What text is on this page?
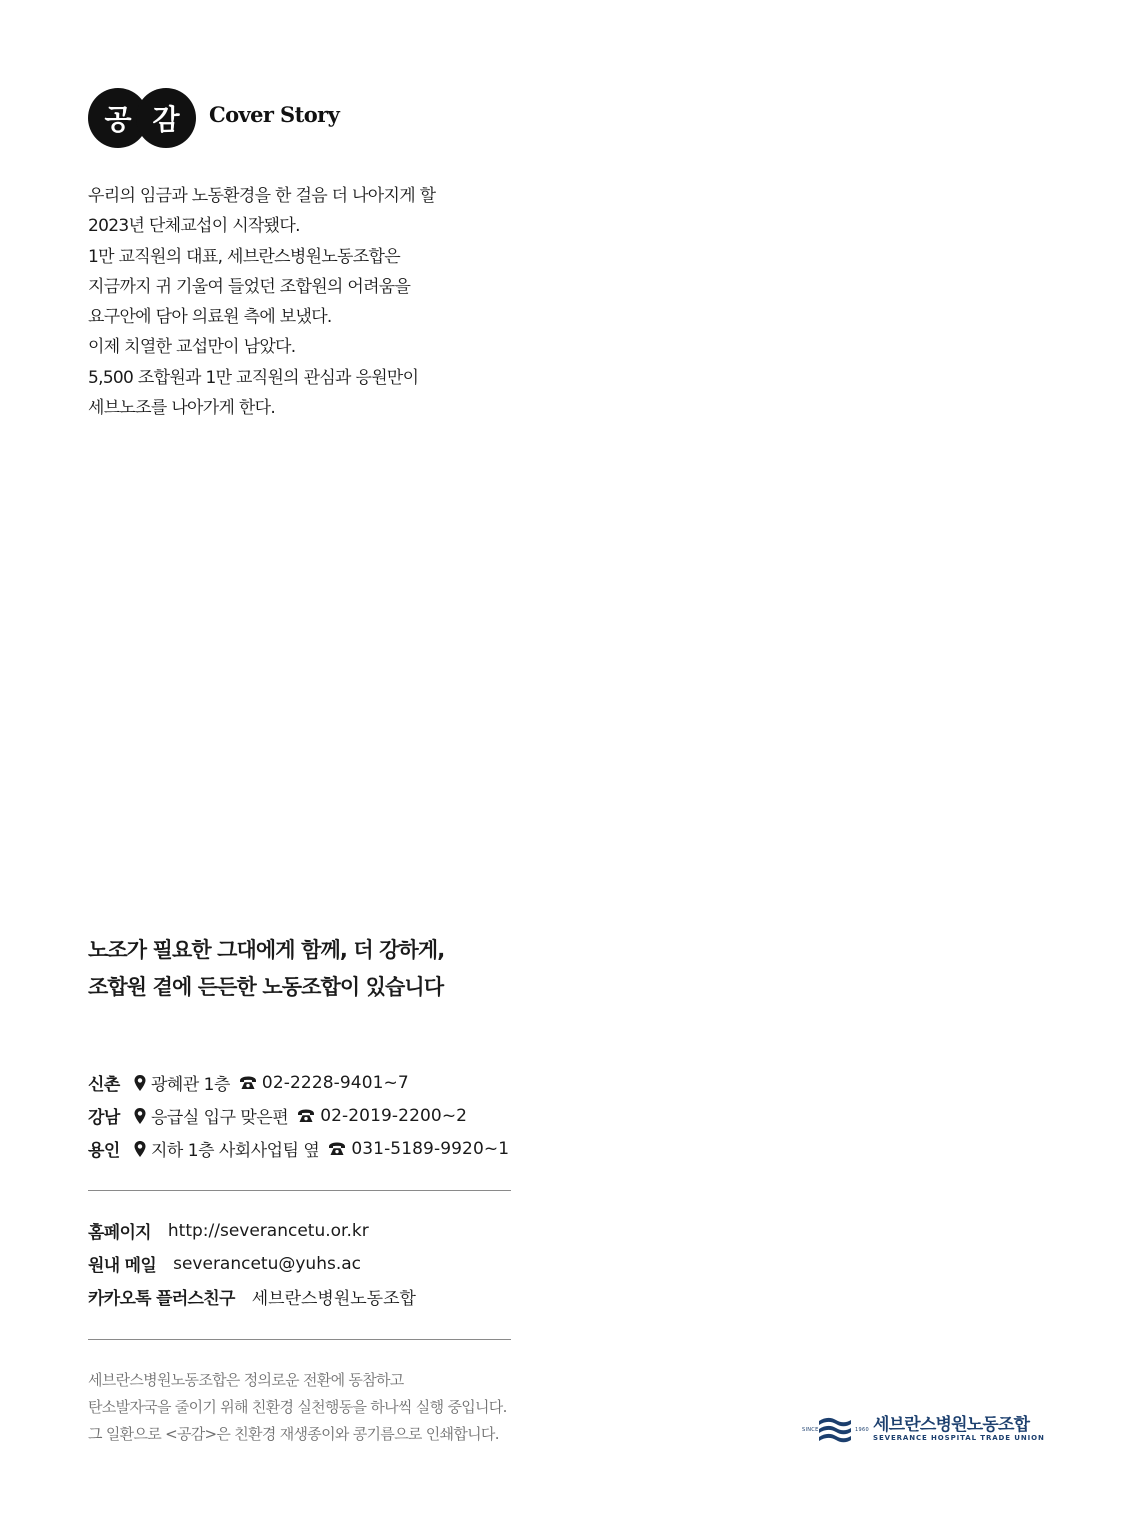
공 감	Cover Story
우리의 임금과 노동환경을 한 걸음 더 나아지게 할
2023년 단체교섭이 시작됐다.
1만 교직원의 대표, 세브란스병원노동조합은
지금까지 귀 기울여 들었던 조합원의 어려움을
요구안에 담아 의료원 측에 보냈다.
이제 치열한 교섭만이 남았다.
5,500 조합원과 1만 교직원의 관심과 응원만이
세브노조를 나아가게 한다.
노조가 필요한 그대에게 함께, 더 강하게,
조합원 곁에 든든한 노동조합이 있습니다
신촌	광혜관 1층 02-2228-9401~7
강남	응급실 입구 맞은편 02-2019-2200~2
용인	지하 1층 사회사업팀 옆 031-5189-9920~1
홈페이지 http://severancetu.or.kr
원내 메일 severancetu@yuhs.ac
카카오톡 플러스친구 세브란스병원노동조합
세브란스병원노동조합은 정의로운 전환에 동참하고
탄소발자국을 줄이기 위해 친환경 실천행동을 하나씩 실행 중입니다.
그 일환으로 <공감>은 친환경 재생종이와 콩기름으로 인쇄합니다.	SINCE	1960 세브란스병원노동조합
SEVERANCE HOSPITAL TRADE UNION
